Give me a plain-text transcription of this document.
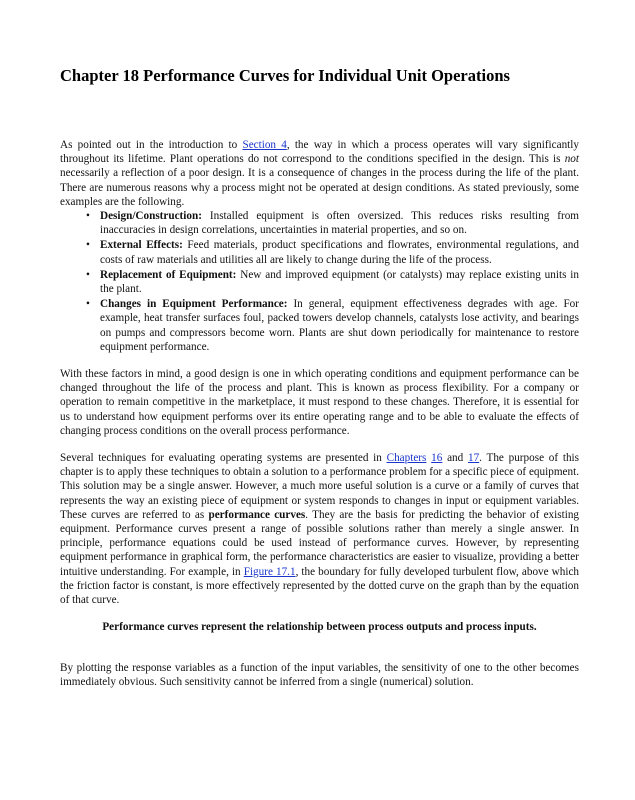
Chapter 18 Performance Curves for Individual Unit Operations

As pointed out in the introduction to Section 4, the way in which a process operates will vary significantly throughout its lifetime. Plant operations do not correspond to the conditions specified in the design. This is not necessarily a reflection of a poor design. It is a consequence of changes in the process during the life of the plant. There are numerous reasons why a process might not be operated at design conditions. As stated previously, some examples are the following.

• Design/Construction: Installed equipment is often oversized. This reduces risks resulting from inaccuracies in design correlations, uncertainties in material properties, and so on.
• External Effects: Feed materials, product specifications and flowrates, environmental regulations, and costs of raw materials and utilities all are likely to change during the life of the process.
• Replacement of Equipment: New and improved equipment (or catalysts) may replace existing units in the plant.
• Changes in Equipment Performance: In general, equipment effectiveness degrades with age. For example, heat transfer surfaces foul, packed towers develop channels, catalysts lose activity, and bearings on pumps and compressors become worn. Plants are shut down periodically for maintenance to restore equipment performance.

With these factors in mind, a good design is one in which operating conditions and equipment performance can be changed throughout the life of the process and plant. This is known as process flexibility. For a company or operation to remain competitive in the marketplace, it must respond to these changes. Therefore, it is essential for us to understand how equipment performs over its entire operating range and to be able to evaluate the effects of changing process conditions on the overall process performance.

Several techniques for evaluating operating systems are presented in Chapters 16 and 17. The purpose of this chapter is to apply these techniques to obtain a solution to a performance problem for a specific piece of equipment. This solution may be a single answer. However, a much more useful solution is a curve or a family of curves that represents the way an existing piece of equipment or system responds to changes in input or equipment variables. These curves are referred to as performance curves. They are the basis for predicting the behavior of existing equipment. Performance curves present a range of possible solutions rather than merely a single answer. In principle, performance equations could be used instead of performance curves. However, by representing equipment performance in graphical form, the performance characteristics are easier to visualize, providing a better intuitive understanding. For example, in Figure 17.1, the boundary for fully developed turbulent flow, above which the friction factor is constant, is more effectively represented by the dotted curve on the graph than by the equation of that curve.

Performance curves represent the relationship between process outputs and process inputs.

By plotting the response variables as a function of the input variables, the sensitivity of one to the other becomes immediately obvious. Such sensitivity cannot be inferred from a single (numerical) solution.
